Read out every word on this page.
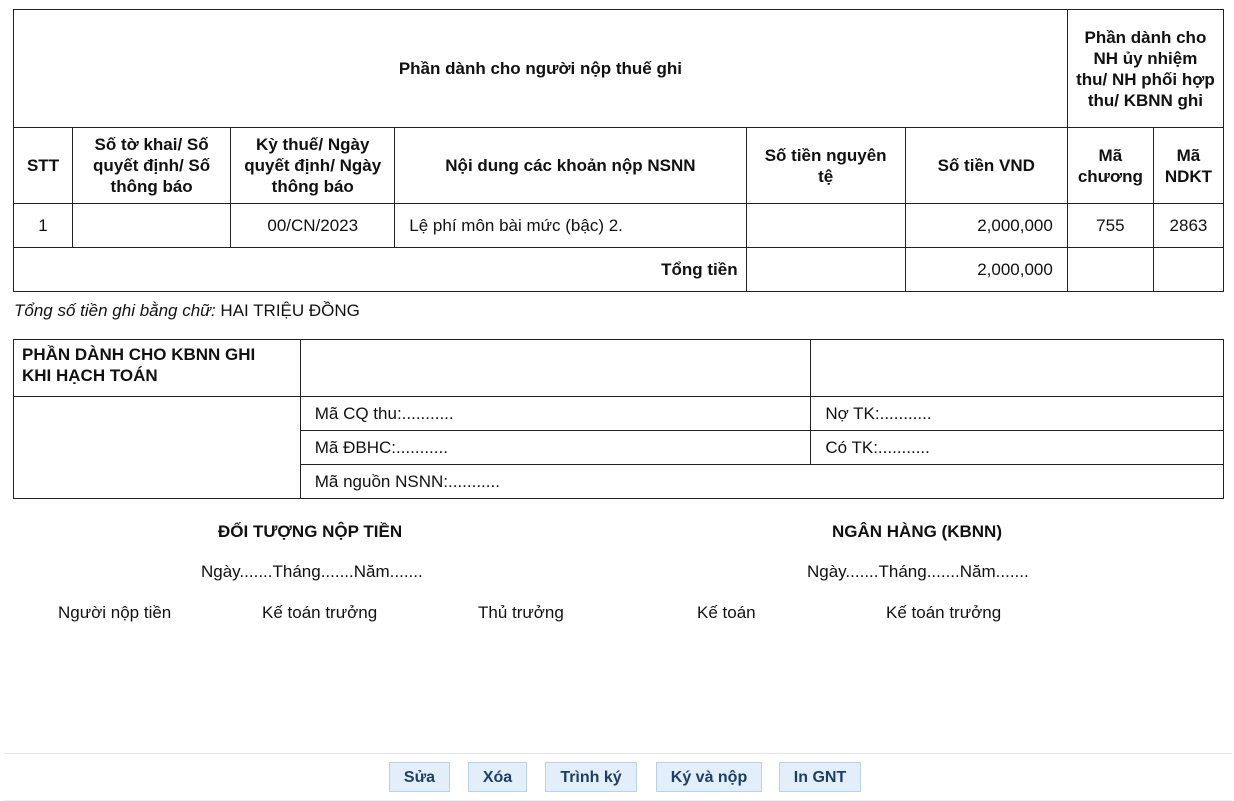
Phần dành cho người nộp thuế ghi						Phần dành cho NH ủy nhiệm thu/ NH phối hợp thu/ KBNN ghi	
STT	Số tờ khai/ Số quyết định/ Số thông báo	Kỳ thuế/ Ngày quyết định/ Ngày thông báo	Nội dung các khoản nộp NSNN	Số tiền nguyên tệ	Số tiền VND	Mã chương	Mã NDKT
1		00/CN/2023	Lệ phí môn bài mức (bậc) 2.		2,000,000	755	2863
Tổng tiền					2,000,000		
Tổng số tiền ghi bằng chữ: HAI TRIỆU ĐỒNG
PHẦN DÀNH CHO KBNN GHI
KHI HẠCH TOÁN		
	Mã CQ thu:...........	Nợ TK:...........
	Mã ĐBHC:...........	Có TK:...........
	Mã nguồn NSNN:...........	
ĐỐI TƯỢNG NỘP TIỀN	NGÂN HÀNG (KBNN)
Ngày.......Tháng.......Năm.......	Ngày.......Tháng.......Năm.......
Người nộp tiền	Kế toán trưởng	Thủ trưởng	Kế toán	Kế toán trưởng
Sửa	Xóa	Trình ký	Ký và nộp	In GNT
